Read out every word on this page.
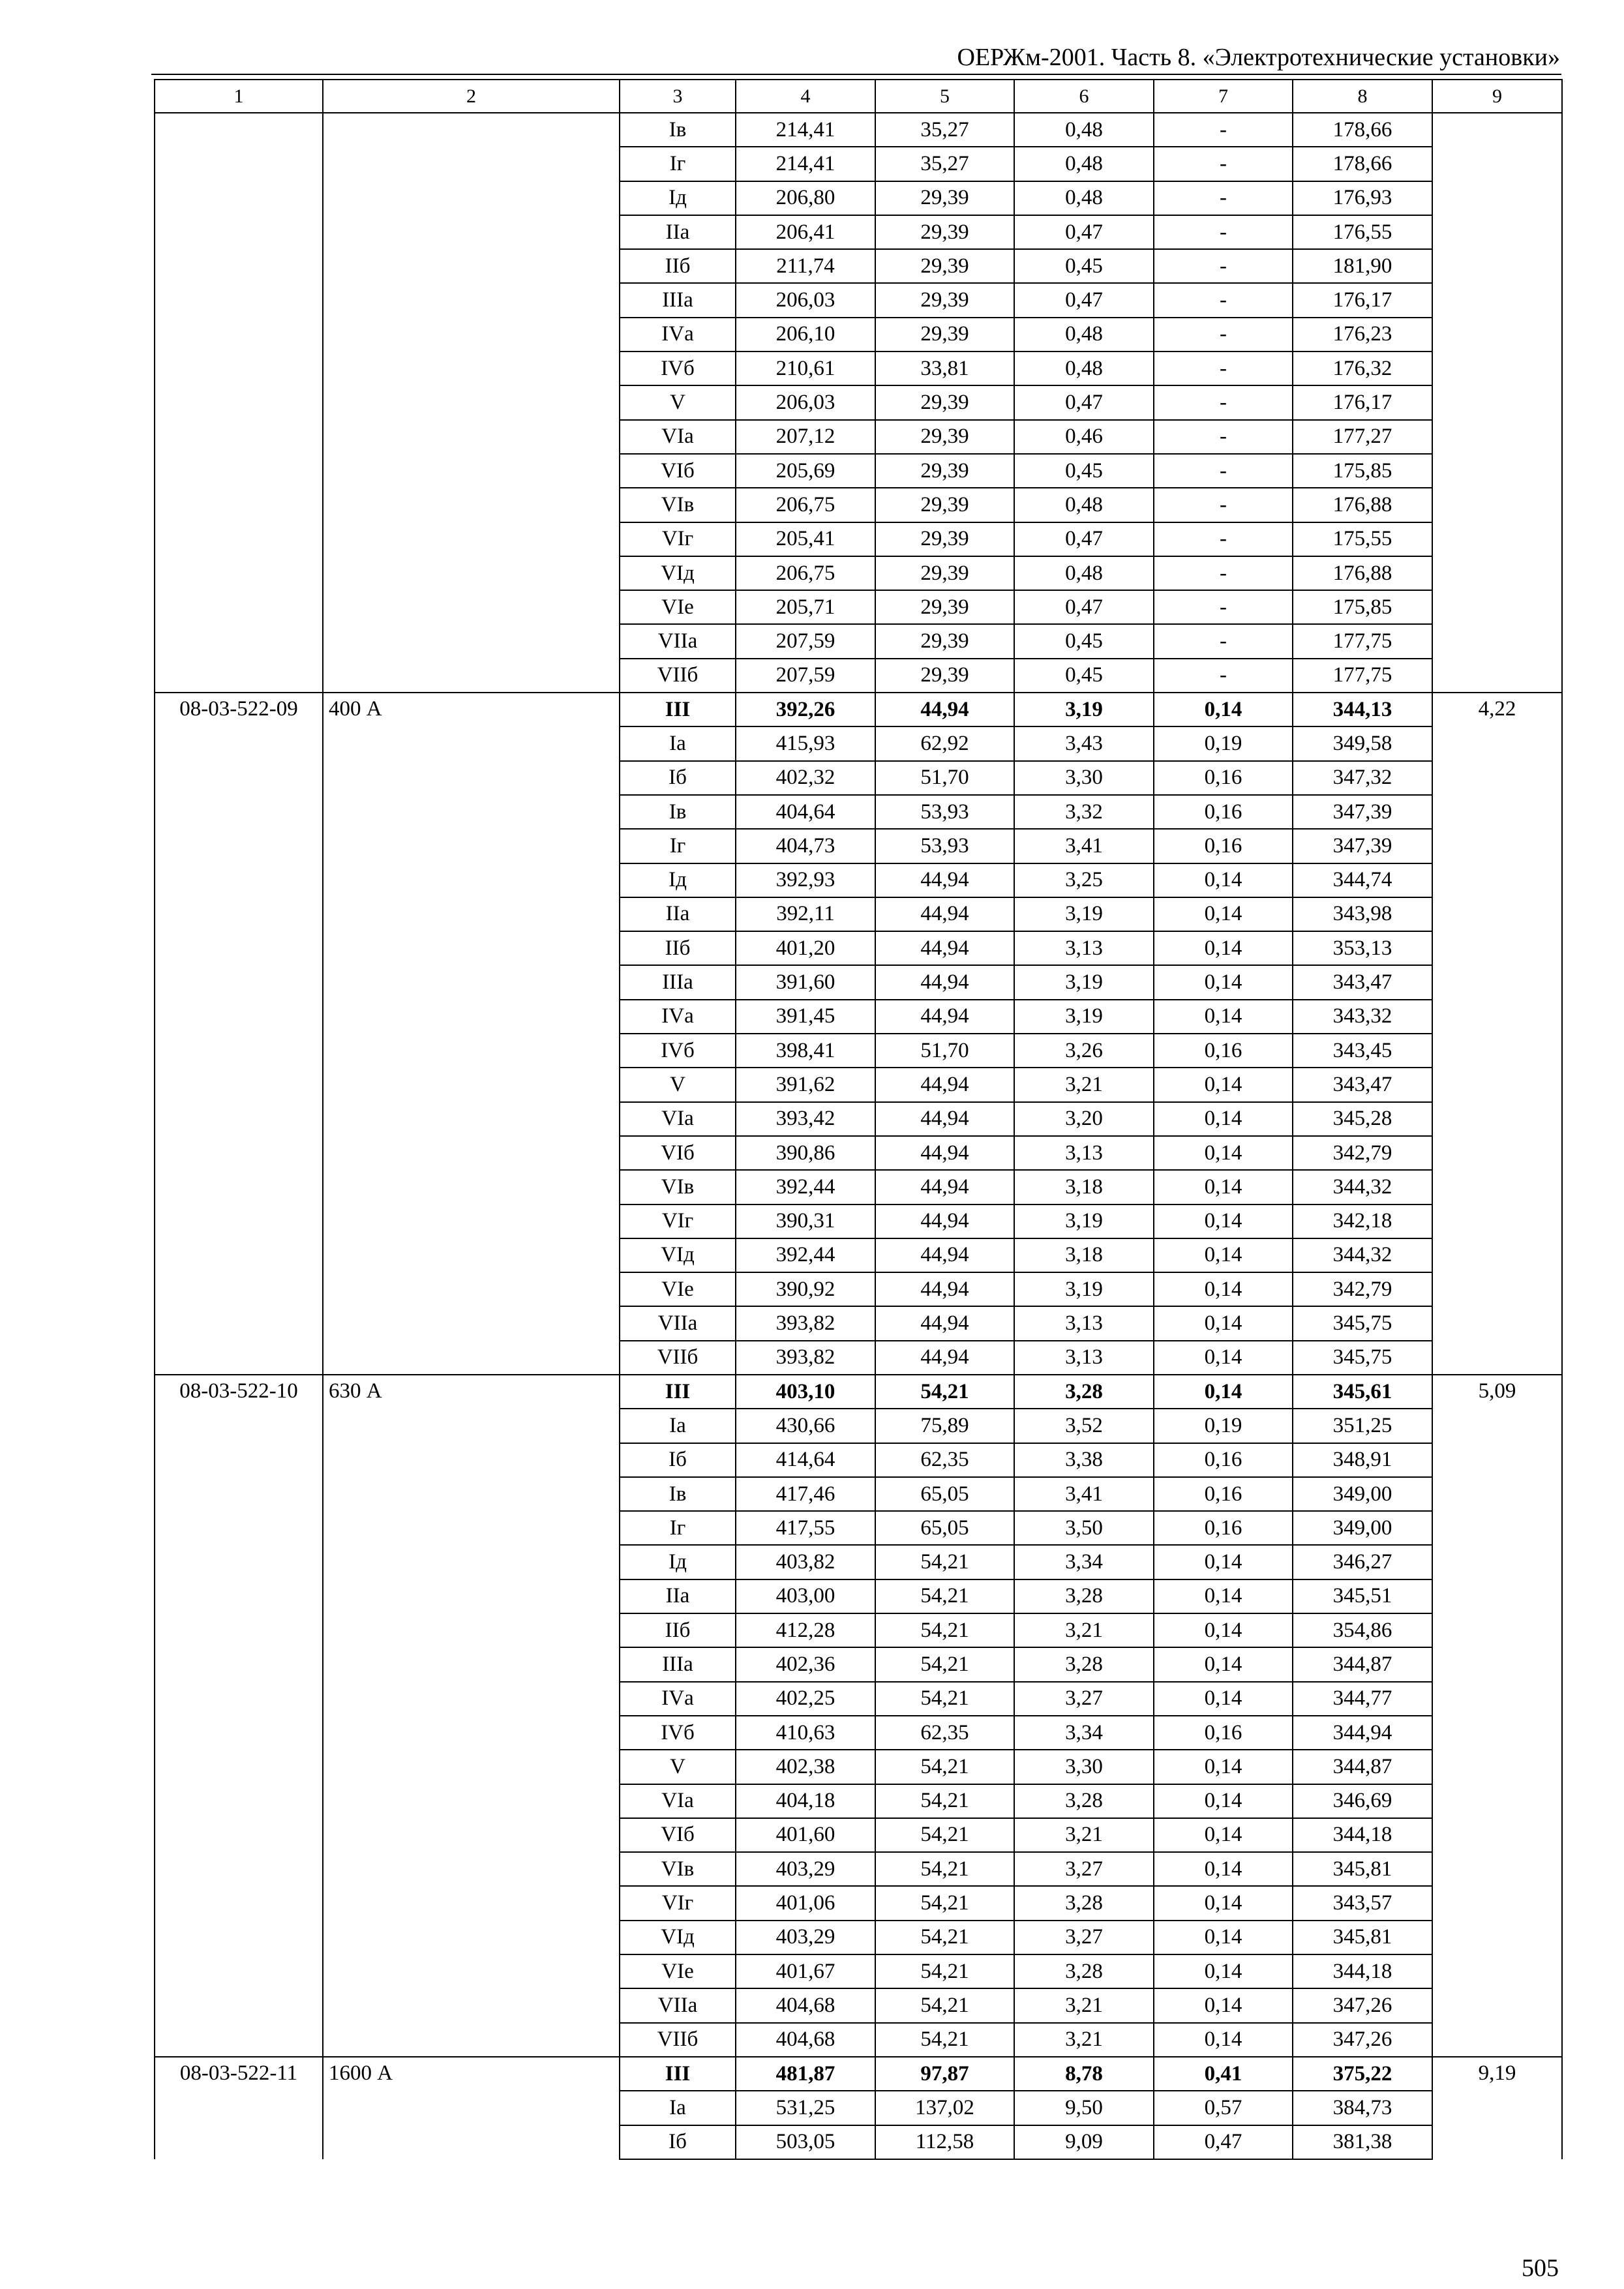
ОЕРЖм-2001. Часть 8. «Электротехнические установки»
1	2	3	4	5	6	7	8	9
		Iв	214,41	35,27	0,48	-	178,66	
		Iг	214,41	35,27	0,48	-	178,66	
		Iд	206,80	29,39	0,48	-	176,93	
		IIа	206,41	29,39	0,47	-	176,55	
		IIб	211,74	29,39	0,45	-	181,90	
		IIIа	206,03	29,39	0,47	-	176,17	
		IVа	206,10	29,39	0,48	-	176,23	
		IVб	210,61	33,81	0,48	-	176,32	
		V	206,03	29,39	0,47	-	176,17	
		VIа	207,12	29,39	0,46	-	177,27	
		VIб	205,69	29,39	0,45	-	175,85	
		VIв	206,75	29,39	0,48	-	176,88	
		VIг	205,41	29,39	0,47	-	175,55	
		VIд	206,75	29,39	0,48	-	176,88	
		VIе	205,71	29,39	0,47	-	175,85	
		VIIа	207,59	29,39	0,45	-	177,75	
		VIIб	207,59	29,39	0,45	-	177,75	
08-03-522-09	400 А	III	392,26	44,94	3,19	0,14	344,13	4,22
		Iа	415,93	62,92	3,43	0,19	349,58	
		Iб	402,32	51,70	3,30	0,16	347,32	
		Iв	404,64	53,93	3,32	0,16	347,39	
		Iг	404,73	53,93	3,41	0,16	347,39	
		Iд	392,93	44,94	3,25	0,14	344,74	
		IIа	392,11	44,94	3,19	0,14	343,98	
		IIб	401,20	44,94	3,13	0,14	353,13	
		IIIа	391,60	44,94	3,19	0,14	343,47	
		IVа	391,45	44,94	3,19	0,14	343,32	
		IVб	398,41	51,70	3,26	0,16	343,45	
		V	391,62	44,94	3,21	0,14	343,47	
		VIа	393,42	44,94	3,20	0,14	345,28	
		VIб	390,86	44,94	3,13	0,14	342,79	
		VIв	392,44	44,94	3,18	0,14	344,32	
		VIг	390,31	44,94	3,19	0,14	342,18	
		VIд	392,44	44,94	3,18	0,14	344,32	
		VIе	390,92	44,94	3,19	0,14	342,79	
		VIIа	393,82	44,94	3,13	0,14	345,75	
		VIIб	393,82	44,94	3,13	0,14	345,75	
08-03-522-10	630 А	III	403,10	54,21	3,28	0,14	345,61	5,09
		Iа	430,66	75,89	3,52	0,19	351,25	
		Iб	414,64	62,35	3,38	0,16	348,91	
		Iв	417,46	65,05	3,41	0,16	349,00	
		Iг	417,55	65,05	3,50	0,16	349,00	
		Iд	403,82	54,21	3,34	0,14	346,27	
		IIа	403,00	54,21	3,28	0,14	345,51	
		IIб	412,28	54,21	3,21	0,14	354,86	
		IIIа	402,36	54,21	3,28	0,14	344,87	
		IVа	402,25	54,21	3,27	0,14	344,77	
		IVб	410,63	62,35	3,34	0,16	344,94	
		V	402,38	54,21	3,30	0,14	344,87	
		VIа	404,18	54,21	3,28	0,14	346,69	
		VIб	401,60	54,21	3,21	0,14	344,18	
		VIв	403,29	54,21	3,27	0,14	345,81	
		VIг	401,06	54,21	3,28	0,14	343,57	
		VIд	403,29	54,21	3,27	0,14	345,81	
		VIе	401,67	54,21	3,28	0,14	344,18	
		VIIа	404,68	54,21	3,21	0,14	347,26	
		VIIб	404,68	54,21	3,21	0,14	347,26	
08-03-522-11	1600 А	III	481,87	97,87	8,78	0,41	375,22	9,19
		Iа	531,25	137,02	9,50	0,57	384,73	
		Iб	503,05	112,58	9,09	0,47	381,38	
505
